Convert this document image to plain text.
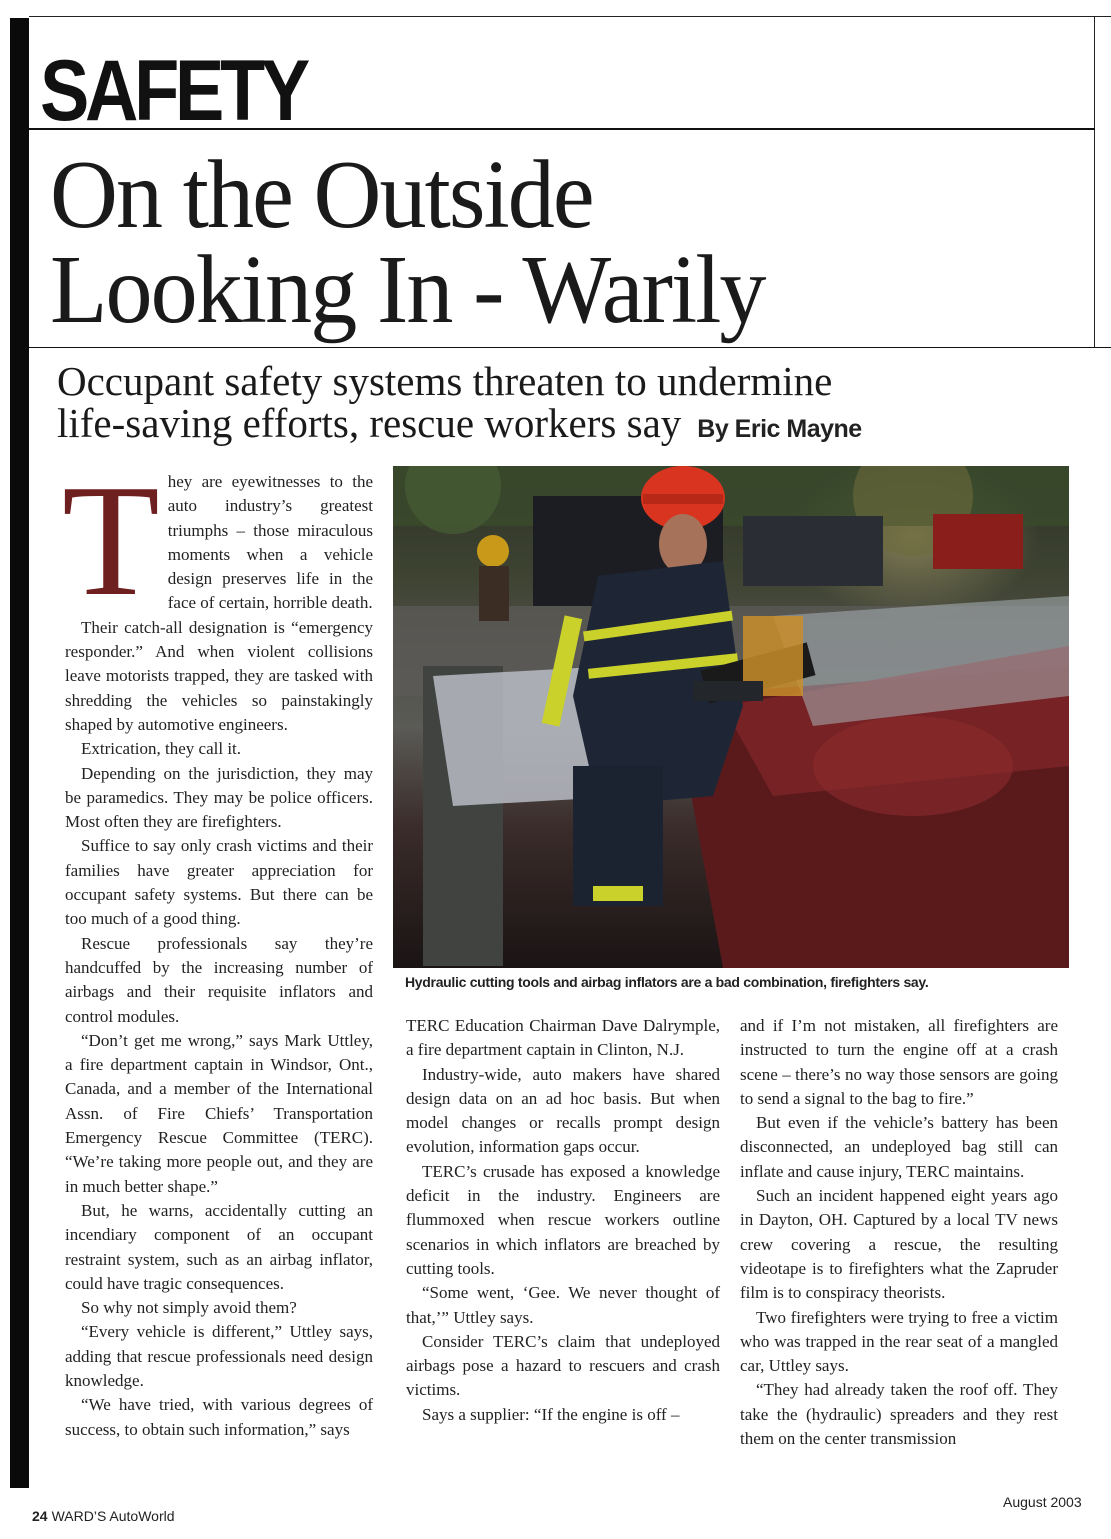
SAFETY
On the Outside
Looking In - Warily
Occupant safety systems threaten to undermine
life-saving efforts, rescue workers say By Eric Mayne

They are eyewitnesses to the auto industry’s greatest triumphs – those miraculous moments when a vehicle design preserves life in the face of certain, horrible death.

Their catch-all designation is “emergency responder.” And when violent collisions leave motorists trapped, they are tasked with shredding the vehicles so painstakingly shaped by automotive engineers.

Extrication, they call it.

Depending on the jurisdiction, they may be paramedics. They may be police officers. Most often they are firefighters.

Suffice to say only crash victims and their families have greater appreciation for occupant safety systems. But there can be too much of a good thing.

Rescue professionals say they’re handcuffed by the increasing number of airbags and their requisite inflators and control modules.

“Don’t get me wrong,” says Mark Uttley, a fire department captain in Windsor, Ont., Canada, and a member of the International Assn. of Fire Chiefs’ Transportation Emergency Rescue Committee (TERC). “We’re taking more people out, and they are in much better shape.”

But, he warns, accidentally cutting an incendiary component of an occupant restraint system, such as an airbag inflator, could have tragic consequences.

So why not simply avoid them?

“Every vehicle is different,” Uttley says, adding that rescue professionals need design knowledge.

“We have tried, with various degrees of success, to obtain such information,” says

Hydraulic cutting tools and airbag inflators are a bad combination, firefighters say.

TERC Education Chairman Dave Dalrymple, a fire department captain in Clinton, N.J.

Industry-wide, auto makers have shared design data on an ad hoc basis. But when model changes or recalls prompt design evolution, information gaps occur.

TERC’s crusade has exposed a knowledge deficit in the industry. Engineers are flummoxed when rescue workers outline scenarios in which inflators are breached by cutting tools.

“Some went, ‘Gee. We never thought of that,’” Uttley says.

Consider TERC’s claim that undeployed airbags pose a hazard to rescuers and crash victims.

Says a supplier: “If the engine is off –

and if I’m not mistaken, all firefighters are instructed to turn the engine off at a crash scene – there’s no way those sensors are going to send a signal to the bag to fire.”

But even if the vehicle’s battery has been disconnected, an undeployed bag still can inflate and cause injury, TERC maintains.

Such an incident happened eight years ago in Dayton, OH. Captured by a local TV news crew covering a rescue, the resulting videotape is to firefighters what the Zapruder film is to conspiracy theorists.

Two firefighters were trying to free a victim who was trapped in the rear seat of a mangled car, Uttley says.

“They had already taken the roof off. They take the (hydraulic) spreaders and they rest them on the center transmission

24 WARD’S AutoWorld

August 2003
